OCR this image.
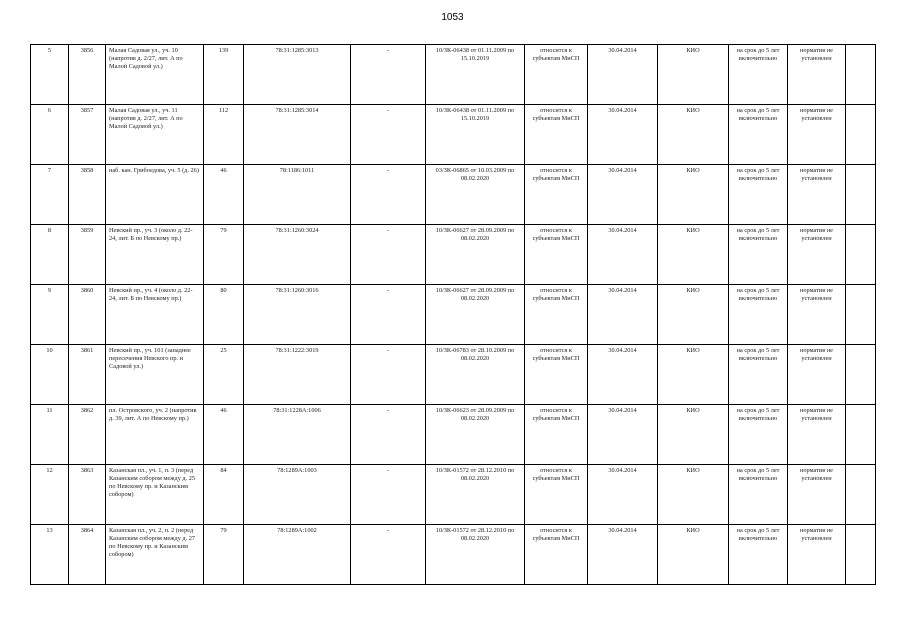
1053
5	3856	Малая Садовая ул., уч. 10 (напротив д. 2/27, лит. А по Малой Садовой ул.)	139	78:31:1285:3013	-	10/ЗК-06438 от 01.11.2009 по 15.10.2019	относится к субъектам МиСП	30.04.2014	КИО	на срок до 5 лет включительно	норматив не установлен	
6	3857	Малая Садовая ул., уч. 11 (напротив д. 2/27, лит. А по Малой Садовой ул.)	112	78:31:1285:3014	-	10/ЗК-06438 от 01.11.2009 по 15.10.2019	относится к субъектам МиСП	30.04.2014	КИО	на срок до 5 лет включительно	норматив не установлен	
7	3858	наб. кан. Грибоедова, уч. 5 (д. 26)	46	78:1186:1011	-	03/ЗК-06865 от 10.03.2009 по 08.02.2020	относится к субъектам МиСП	30.04.2014	КИО	на срок до 5 лет включительно	норматив не установлен	
8	3859	Невский пр., уч. 3 (около д. 22-24, лит. Б по Невскому пр.)	79	78:31:1260:3024	-	10/ЗК-06627 от 28.09.2009 по 08.02.2020	относится к субъектам МиСП	30.04.2014	КИО	на срок до 5 лет включительно	норматив не установлен	
9	3860	Невский пр., уч. 4 (около д. 22-24, лит. Б по Невскому пр.)	80	78:31:1260:3016	-	10/ЗК-06627 от 28.09.2009 по 08.02.2020	относится к субъектам МиСП	30.04.2014	КИО	на срок до 5 лет включительно	норматив не установлен	
10	3861	Невский пр., уч. 101 (западнее пересечения Невского пр. и Садовой ул.)	25	78:31:1222:3019	-	10/ЗК-06783 от 28.10.2009 по 08.02.2020	относится к субъектам МиСП	30.04.2014	КИО	на срок до 5 лет включительно	норматив не установлен	
11	3862	пл. Островского, уч. 2 (напротив д. 39, лит. А по Невскому пр.)	46	78:31:1228А:1006	-	10/ЗК-06623 от 28.09.2009 по 08.02.2020	относится к субъектам МиСП	30.04.2014	КИО	на срок до 5 лет включительно	норматив не установлен	
12	3863	Казанская пл., уч. 1, п. 3 (перед Казанским собором между д. 25 по Невскому пр. и Казанским собором)	84	78:1289А:1003	-	10/ЗК-01572 от 28.12.2010 по 08.02.2020	относится к субъектам МиСП	30.04.2014	КИО	на срок до 5 лет включительно	норматив не установлен	
13	3864	Казанская пл., уч. 2, п. 2 (перед Казанским собором между д. 27 по Невскому пр. и Казанским собором)	79	78:1289А:1002	-	10/ЗК-01572 от 28.12.2010 по 08.02.2020	относится к субъектам МиСП	30.04.2014	КИО	на срок до 5 лет включительно	норматив не установлен	
